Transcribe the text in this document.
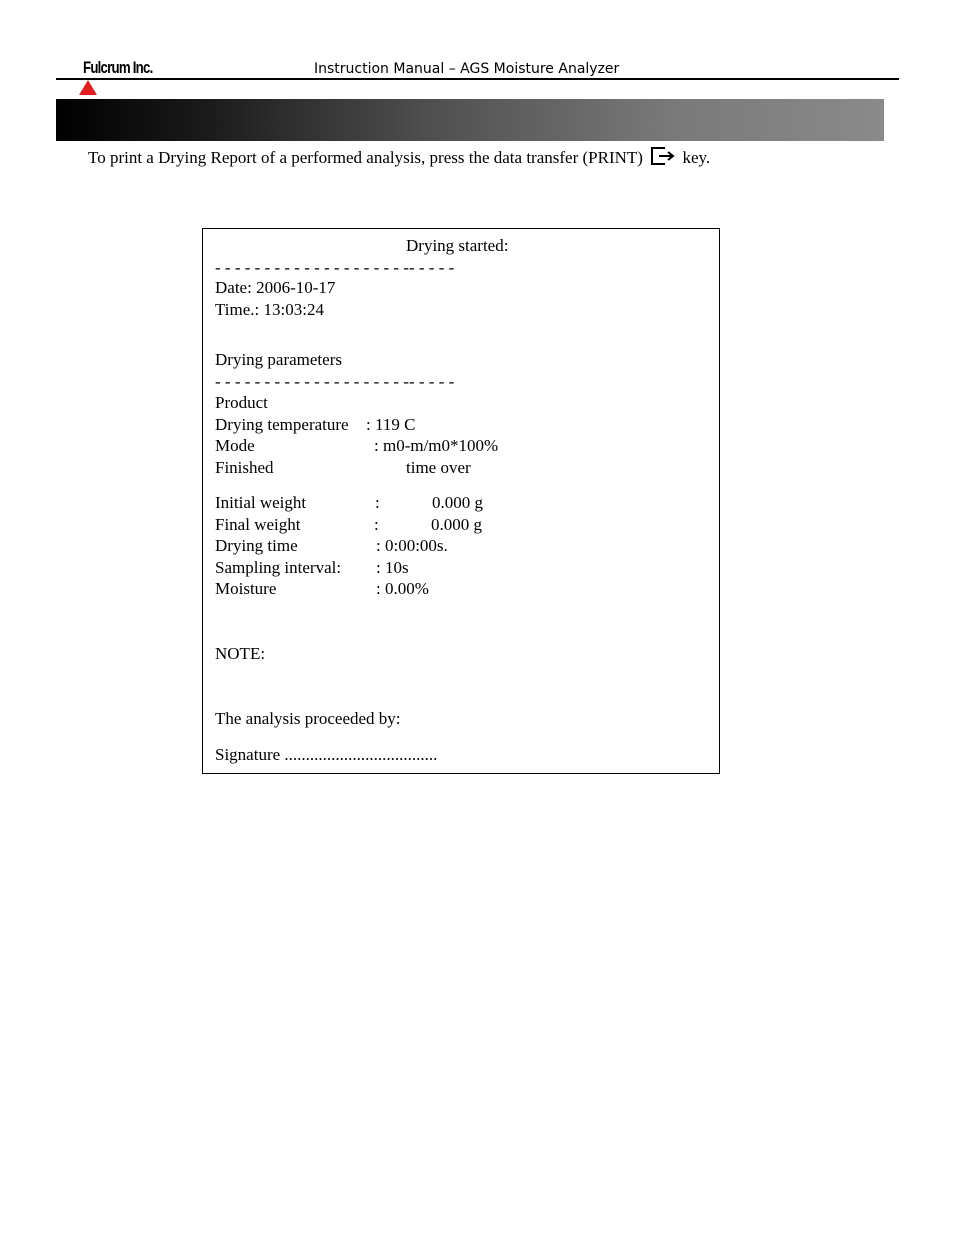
Fulcrum Inc.	Instruction Manual – AGS Moisture Analyzer
To print a Drying Report of a performed analysis, press the data transfer (PRINT) key.
Drying started:
- - - - - - - - - - - - - - - - - - - -- - - - -
Date: 2006-10-17
Time.: 13:03:24
Drying parameters
- - - - - - - - - - - - - - - - - - - -- - - - -
Product
Drying temperature : 119 C
Mode	: m0-m/m0*100%
Finished	time over
Initial weight	:	0.000 g
Final weight	:	0.000 g
Drying time	: 0:00:00s.
Sampling interval: : 10s
Moisture	: 0.00%
NOTE:
The analysis proceeded by:
Signature ....................................
